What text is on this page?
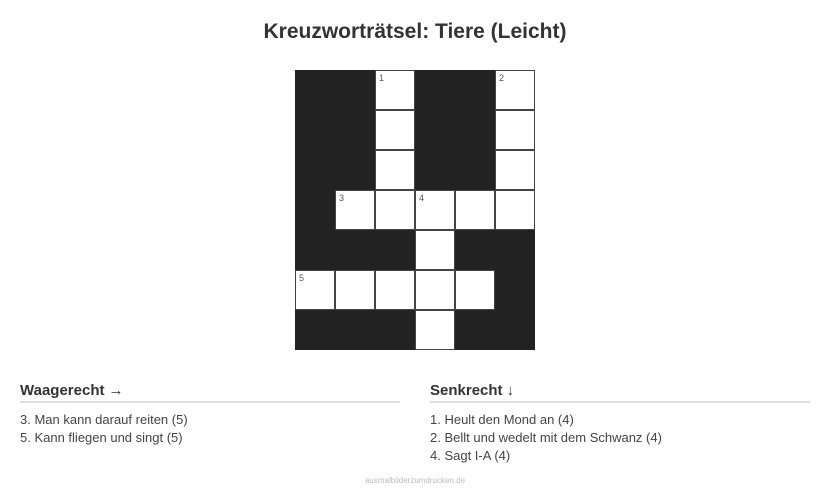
Kreuzworträtsel: Tiere (Leicht)
1	2
3	4
5
Waagerecht →
3. Man kann darauf reiten (5)
5. Kann fliegen und singt (5)
Senkrecht ↓
1. Heult den Mond an (4)
2. Bellt und wedelt mit dem Schwanz (4)
4. Sagt I-A (4)
ausmalbilderzumdrucken.de
